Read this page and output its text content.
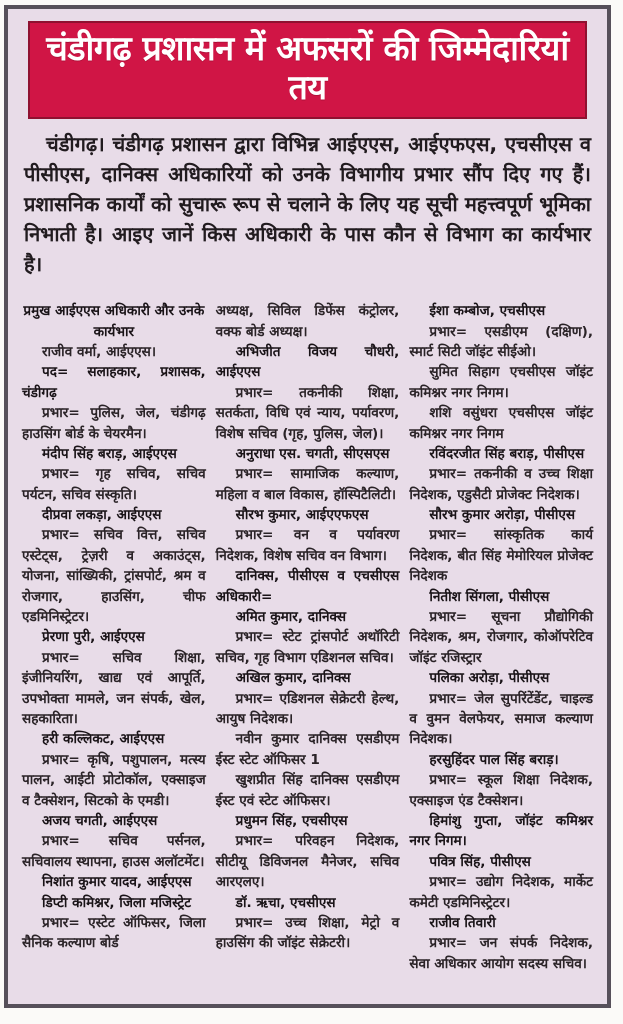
चंडीगढ़ प्रशासन में अफसरों की जिम्मेदारियां तय

चंडीगढ़। चंडीगढ़ प्रशासन द्वारा विभिन्न आईएएस, आईएफएस, एचसीएस व पीसीएस, दानिक्स अधिकारियों को उनके विभागीय प्रभार सौंप दिए गए हैं। प्रशासनिक कार्यों को सुचारू रूप से चलाने के लिए यह सूची महत्त्वपूर्ण भूमिका निभाती है। आइए जानें किस अधिकारी के पास कौन से विभाग का कार्यभार है।

प्रमुख आईएएस अधिकारी और उनके कार्यभार

राजीव वर्मा, आईएएस।

पद= सलाहकार, प्रशासक, चंडीगढ़

प्रभार= पुलिस, जेल, चंडीगढ़ हाउसिंग बोर्ड के चेयरमैन।

मंदीप सिंह बराड़, आईएएस

प्रभार= गृह सचिव, सचिव पर्यटन, सचिव संस्कृति।

दीप्रवा लकड़ा, आईएएस

प्रभार= सचिव वित्त, सचिव एस्टेट्स, ट्रेज़री व अकाउंट्स, योजना, सांख्यिकी, ट्रांसपोर्ट, श्रम व रोजगार, हाउसिंग, चीफ एडमिनिस्ट्रेटर।

प्रेरणा पुरी, आईएएस

प्रभार= सचिव शिक्षा, इंजीनियरिंग, खाद्य एवं आपूर्ति, उपभोक्ता मामले, जन संपर्क, खेल, सहकारिता।

हरी कल्लिकट, आईएएस

प्रभार= कृषि, पशुपालन, मत्स्य पालन, आईटी प्रोटोकॉल, एक्साइज व टैक्सेशन, सिटको के एमडी।

अजय चगती, आईएएस

प्रभार= सचिव पर्सनल, सचिवालय स्थापना, हाउस अलॉटमेंट।

निशांत कुमार यादव, आईएएस

डिप्टी कमिश्नर, जिला मजिस्ट्रेट

प्रभार= एस्टेट ऑफिसर, जिला सैनिक कल्याण बोर्ड

अध्यक्ष, सिविल डिफेंस कंट्रोलर, वक्फ बोर्ड अध्यक्ष।

अभिजीत विजय चौधरी, आईएएस

प्रभार= तकनीकी शिक्षा, सतर्कता, विधि एवं न्याय, पर्यावरण, विशेष सचिव (गृह, पुलिस, जेल)।

अनुराधा एस. चगती, सीएसएस

प्रभार= सामाजिक कल्याण, महिला व बाल विकास, हॉस्पिटैलिटी।

सौरभ कुमार, आईएएफएस

प्रभार= वन व पर्यावरण निदेशक, विशेष सचिव वन विभाग।

दानिक्स, पीसीएस व एचसीएस अधिकारी=

अमित कुमार, दानिक्स

प्रभार= स्टेट ट्रांसपोर्ट अथॉरिटी सचिव, गृह विभाग एडिशनल सचिव।

अखिल कुमार, दानिक्स

प्रभार= एडिशनल सेक्रेटरी हेल्थ, आयुष निदेशक।

नवीन कुमार दानिक्स एसडीएम ईस्ट स्टेट ऑफिसर 1

खुशप्रीत सिंह दानिक्स एसडीएम ईस्ट एवं स्टेट ऑफिसर।

प्रधुमन सिंह, एचसीएस

प्रभार= परिवहन निदेशक, सीटीयू डिविजनल मैनेजर, सचिव आरएलए।

डॉ. ऋचा, एचसीएस

प्रभार= उच्च शिक्षा, मेट्रो व हाउसिंग की जॉइंट सेक्रेटरी।

ईशा कम्बोज, एचसीएस

प्रभार= एसडीएम (दक्षिण), स्मार्ट सिटी जॉइंट सीईओ।

सुमित सिहाग एचसीएस जॉइंट कमिश्नर नगर निगम।

शशि वसुंधरा एचसीएस जॉइंट कमिश्नर नगर निगम

रविंदरजीत सिंह बराड़, पीसीएस

प्रभार= तकनीकी व उच्च शिक्षा निदेशक, एडुसैटी प्रोजेक्ट निदेशक।

सौरभ कुमार अरोड़ा, पीसीएस

प्रभार= सांस्कृतिक कार्य निदेशक, बीत सिंह मेमोरियल प्रोजेक्ट निदेशक

नितीश सिंगला, पीसीएस

प्रभार= सूचना प्रौद्योगिकी निदेशक, श्रम, रोजगार, कोऑपरेटिव जॉइंट रजिस्ट्रार

पलिका अरोड़ा, पीसीएस

प्रभार= जेल सुपरिंटेंडेंट, चाइल्ड व वुमन वेलफेयर, समाज कल्याण निदेशक।

हरसुहिंदर पाल सिंह बराड़।

प्रभार= स्कूल शिक्षा निदेशक, एक्साइज एंड टैक्सेशन।

हिमांशु गुप्ता, जॉइंट कमिश्नर नगर निगम।

पवित्र सिंह, पीसीएस

प्रभार= उद्योग निदेशक, मार्केट कमेटी एडमिनिस्ट्रेटर।

राजीव तिवारी

प्रभार= जन संपर्क निदेशक, सेवा अधिकार आयोग सदस्य सचिव।
